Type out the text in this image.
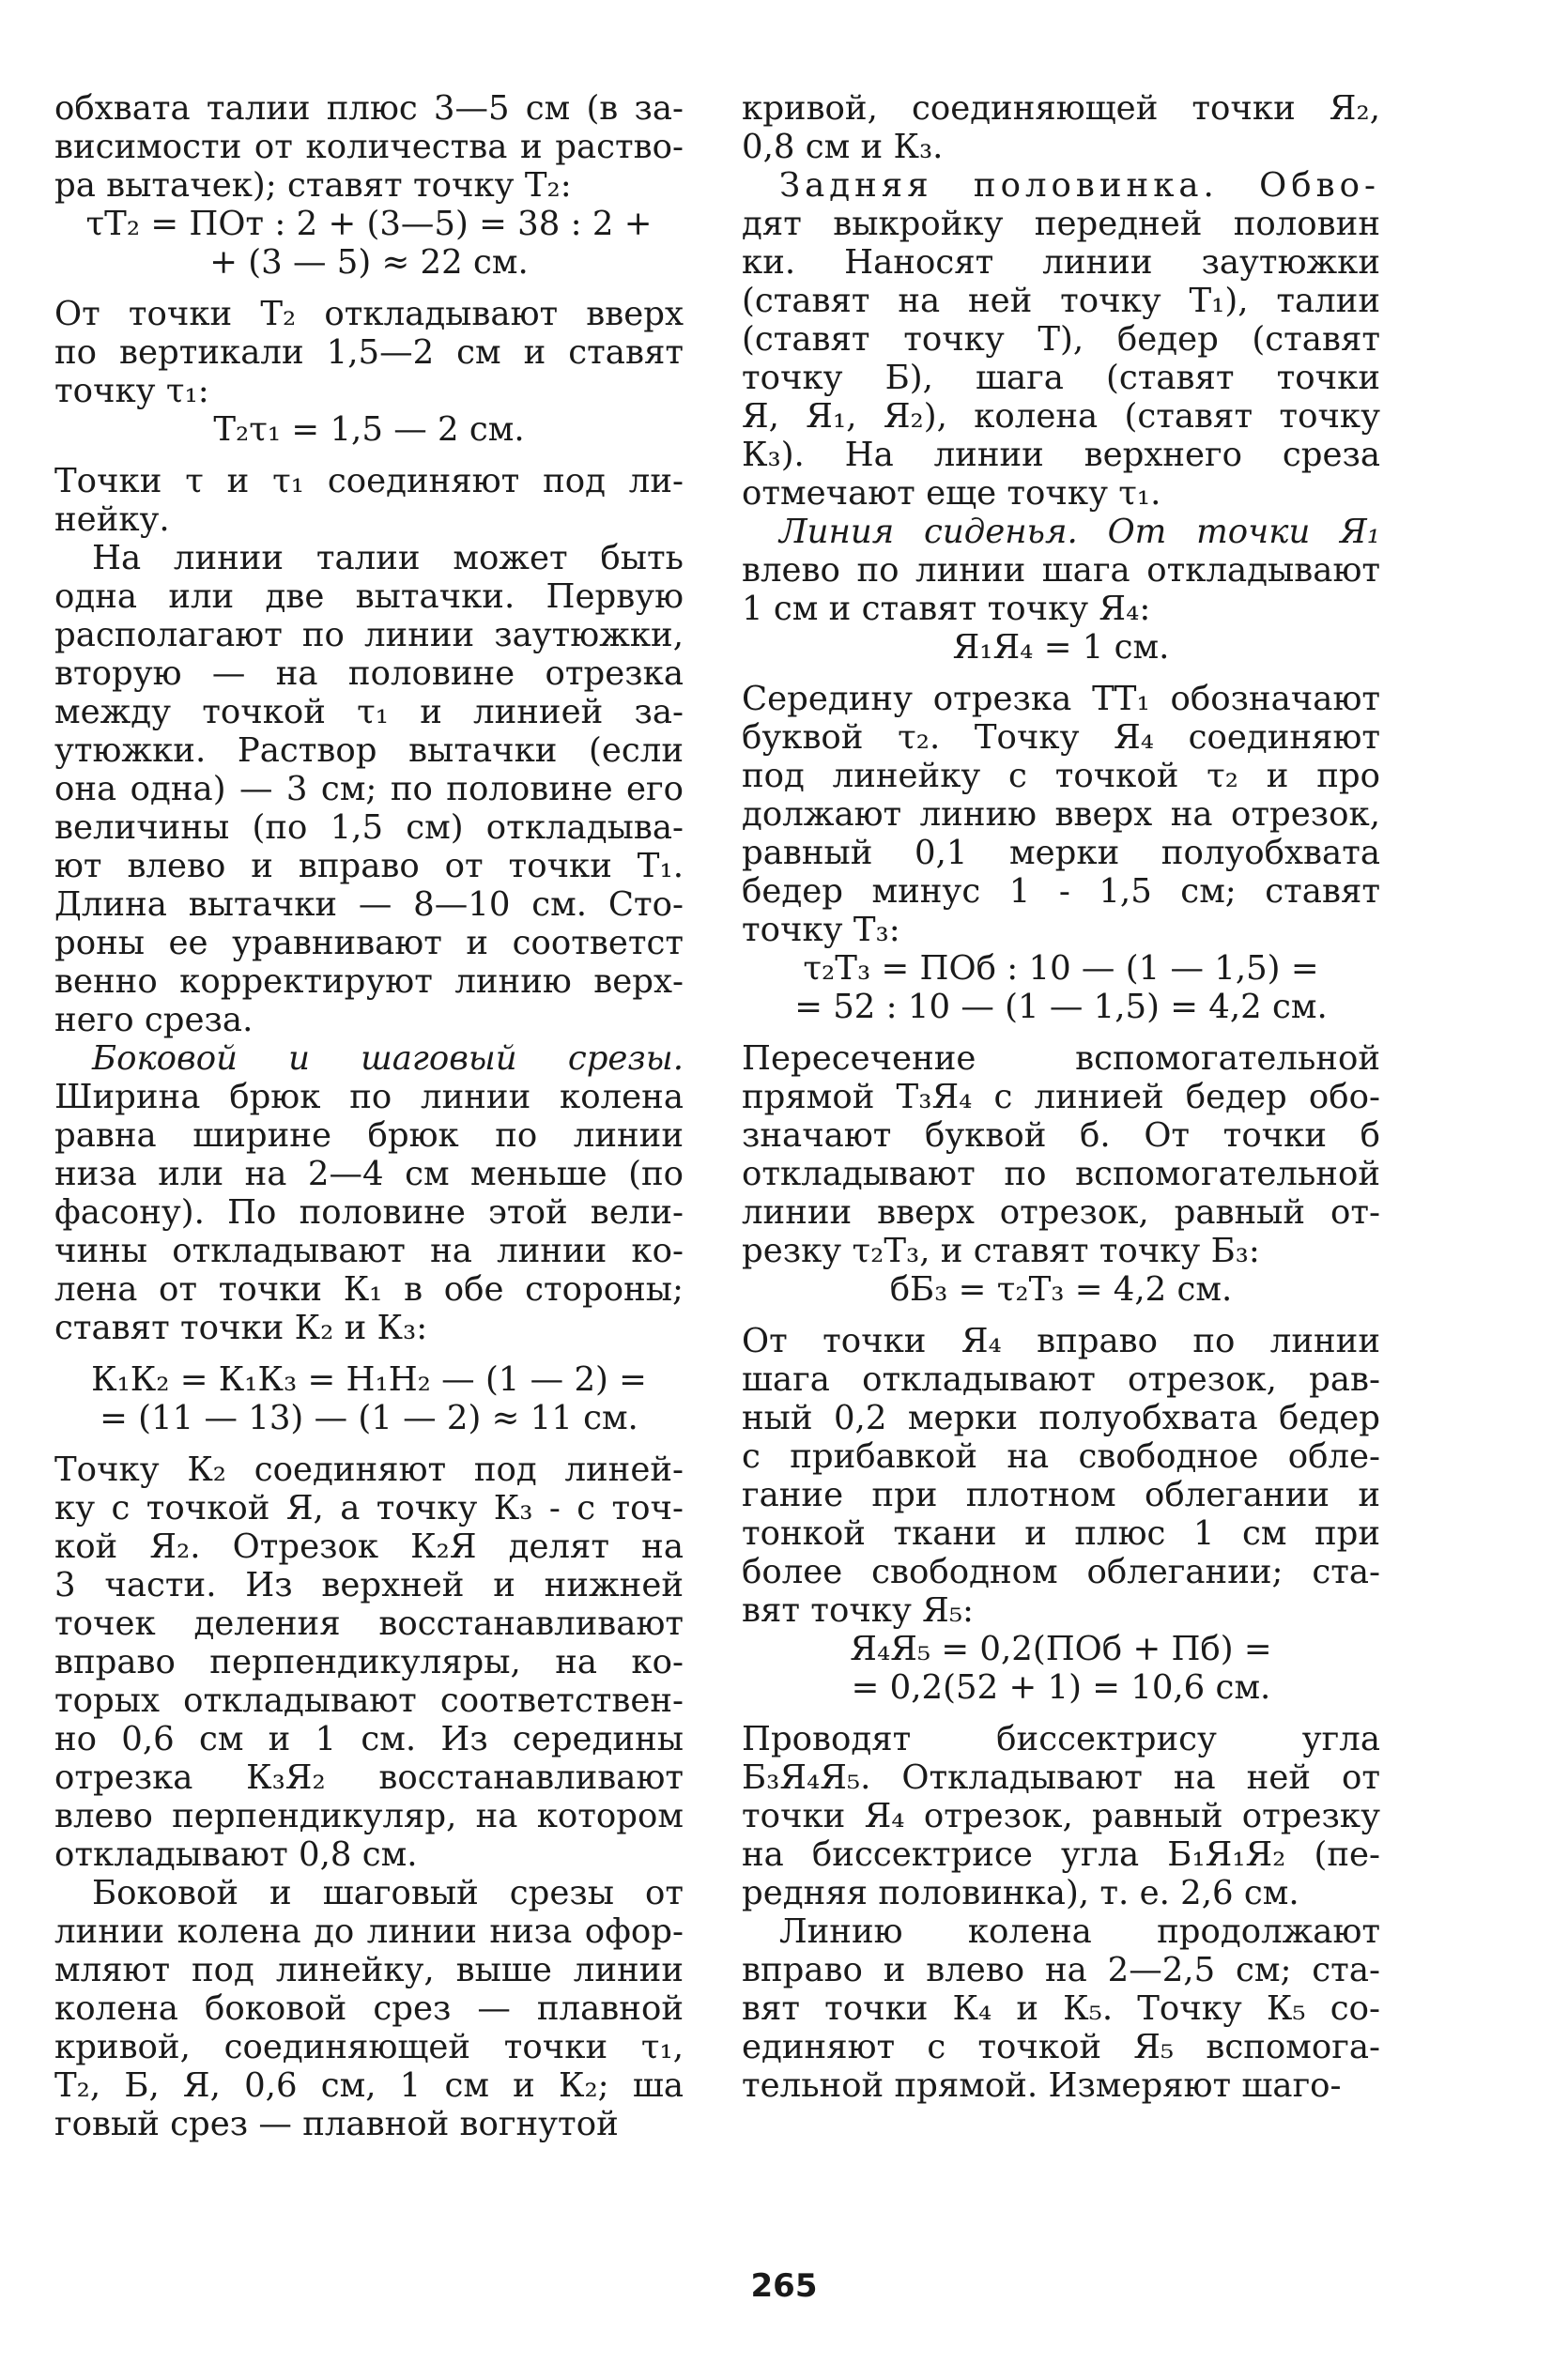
обхвата талии плюс 3—5 см (в за-

висимости от количества и раство-

ра вытачек); ставят точку Т₂:

τТ₂ = ПОт : 2 + (3—5) = 38 : 2 +

+ (3 — 5) ≈ 22 см.

От точки Т₂ откладывают вверх

по вертикали 1,5—2 см и ставят

точку τ₁:

Т₂τ₁ = 1,5 — 2 см.

Точки τ и τ₁ соединяют под ли-

нейку.

На линии талии может быть

одна или две вытачки. Первую

располагают по линии заутюжки,

вторую — на половине отрезка

между точкой τ₁ и линией за-

утюжки. Раствор вытачки (если

она одна) — 3 см; по половине его

величины (по 1,5 см) откладыва-

ют влево и вправо от точки Т₁.

Длина вытачки — 8—10 см. Сто-

роны ее уравнивают и соответст

венно корректируют линию верх-

него среза.

Боковой и шаговый срезы.

Ширина брюк по линии колена

равна ширине брюк по линии

низа или на 2—4 см меньше (по

фасону). По половине этой вели-

чины откладывают на линии ко-

лена от точки К₁ в обе стороны;

ставят точки К₂ и К₃:

К₁К₂ = К₁К₃ = Н₁Н₂ — (1 — 2) =

= (11 — 13) — (1 — 2) ≈ 11 см.

Точку К₂ соединяют под линей-

ку с точкой Я, а точку К₃ - с точ-

кой Я₂. Отрезок К₂Я делят на

3 части. Из верхней и нижней

точек деления восстанавливают

вправо перпендикуляры, на ко-

торых откладывают соответствен-

но 0,6 см и 1 см. Из середины

отрезка К₃Я₂ восстанавливают

влево перпендикуляр, на котором

откладывают 0,8 см.

Боковой и шаговый срезы от

линии колена до линии низа офор-

мляют под линейку, выше линии

колена боковой срез — плавной

кривой, соединяющей точки τ₁,

Т₂, Б, Я, 0,6 см, 1 см и К₂; ша

говый срез — плавной вогнутой

кривой, соединяющей точки Я₂,

0,8 см и К₃.

Задняя половинка. Обво-

дят выкройку передней половин

ки. Наносят линии заутюжки

(ставят на ней точку Т₁), талии

(ставят точку Т), бедер (ставят

точку Б), шага (ставят точки

Я, Я₁, Я₂), колена (ставят точку

К₃). На линии верхнего среза

отмечают еще точку τ₁.

Линия сиденья. От точки Я₁

влево по линии шага откладывают

1 см и ставят точку Я₄:

Я₁Я₄ = 1 см.

Середину отрезка ТТ₁ обозначают

буквой τ₂. Точку Я₄ соединяют

под линейку с точкой τ₂ и про

должают линию вверх на отрезок,

равный 0,1 мерки полуобхвата

бедер минус 1 - 1,5 см; ставят

точку Т₃:

τ₂Т₃ = ПОб : 10 — (1 — 1,5) =

= 52 : 10 — (1 — 1,5) = 4,2 см.

Пересечение вспомогательной

прямой Т₃Я₄ с линией бедер обо-

значают буквой б. От точки б

откладывают по вспомогательной

линии вверх отрезок, равный от-

резку τ₂Т₃, и ставят точку Б₃:

бБ₃ = τ₂Т₃ = 4,2 см.

От точки Я₄ вправо по линии

шага откладывают отрезок, рав-

ный 0,2 мерки полуобхвата бедер

с прибавкой на свободное обле-

гание при плотном облегании и

тонкой ткани и плюс 1 см при

более свободном облегании; ста-

вят точку Я₅:

Я₄Я₅ = 0,2(ПОб + Пб) =

= 0,2(52 + 1) = 10,6 см.

Проводят биссектрису угла

Б₃Я₄Я₅. Откладывают на ней от

точки Я₄ отрезок, равный отрезку

на биссектрисе угла Б₁Я₁Я₂ (пе-

редняя половинка), т. е. 2,6 см.

Линию колена продолжают

вправо и влево на 2—2,5 см; ста-

вят точки К₄ и К₅. Точку К₅ со-

единяют с точкой Я₅ вспомога-

тельной прямой. Измеряют шаго-

265
